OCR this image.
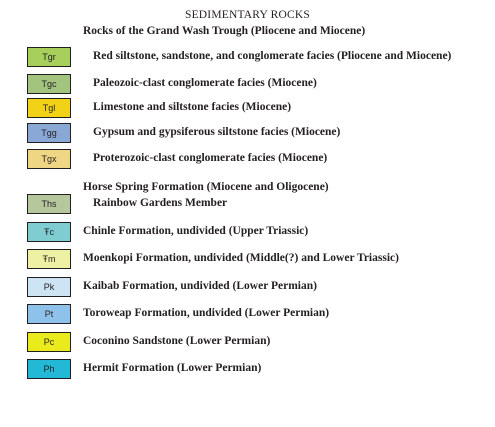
SEDIMENTARY ROCKS
Rocks of the Grand Wash Trough (Pliocene and Miocene)
Tgr	Red siltstone, sandstone, and conglomerate facies (Pliocene and Miocene)
Tgc	Paleozoic-clast conglomerate facies (Miocene)
Tgl	Limestone and siltstone facies (Miocene)
Tgg	Gypsum and gypsiferous siltstone facies (Miocene)
Tgx	Proterozoic-clast conglomerate facies (Miocene)
Horse Spring Formation (Miocene and Oligocene)
Ths	Rainbow Gardens Member
Ŧc	Chinle Formation, undivided (Upper Triassic)
Ŧm	Moenkopi Formation, undivided (Middle(?) and Lower Triassic)
Pk	Kaibab Formation, undivided (Lower Permian)
Pt	Toroweap Formation, undivided (Lower Permian)
Pc	Coconino Sandstone (Lower Permian)
Ph	Hermit Formation (Lower Permian)
